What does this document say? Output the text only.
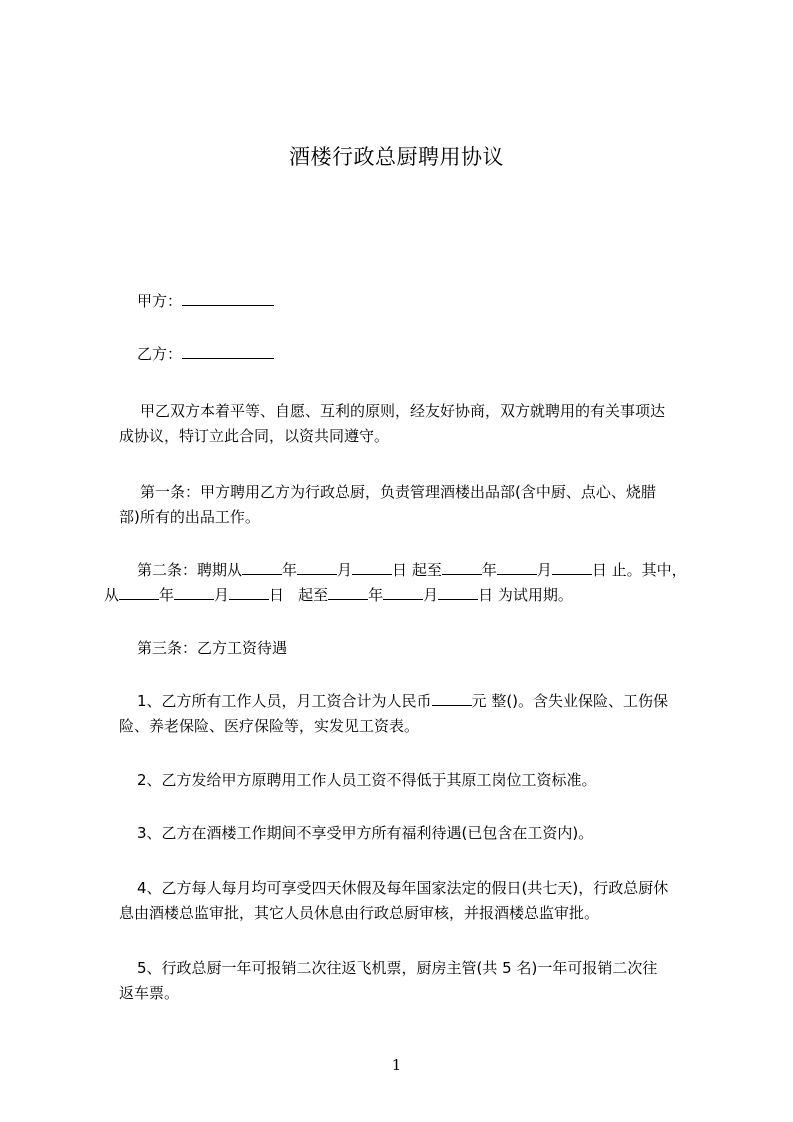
酒楼行政总厨聘用协议
甲方：
乙方：
甲乙双方本着平等、自愿、互利的原则，经友好协商，双方就聘用的有关事项达
成协议，特订立此合同，以资共同遵守。
第一条：甲方聘用乙方为行政总厨，负责管理酒楼出品部(含中厨、点心、烧腊
部)所有的出品工作。
第二条：聘期从	年	月	日 起至	年	月	日 止。其中，
从	年	月	日 起至	年	月	日 为试用期。
第三条：乙方工资待遇
1、乙方所有工作人员，月工资合计为人民币	元 整()。含失业保险、工伤保
险、养老保险、医疗保险等，实发见工资表。
2、乙方发给甲方原聘用工作人员工资不得低于其原工岗位工资标准。
3、乙方在酒楼工作期间不享受甲方所有福利待遇(已包含在工资内)。
4、乙方每人每月均可享受四天休假及每年国家法定的假日(共七天)，行政总厨休
息由酒楼总监审批，其它人员休息由行政总厨审核，并报酒楼总监审批。
5、行政总厨一年可报销二次往返飞机票，厨房主管(共 5 名)一年可报销二次往
返车票。
1
